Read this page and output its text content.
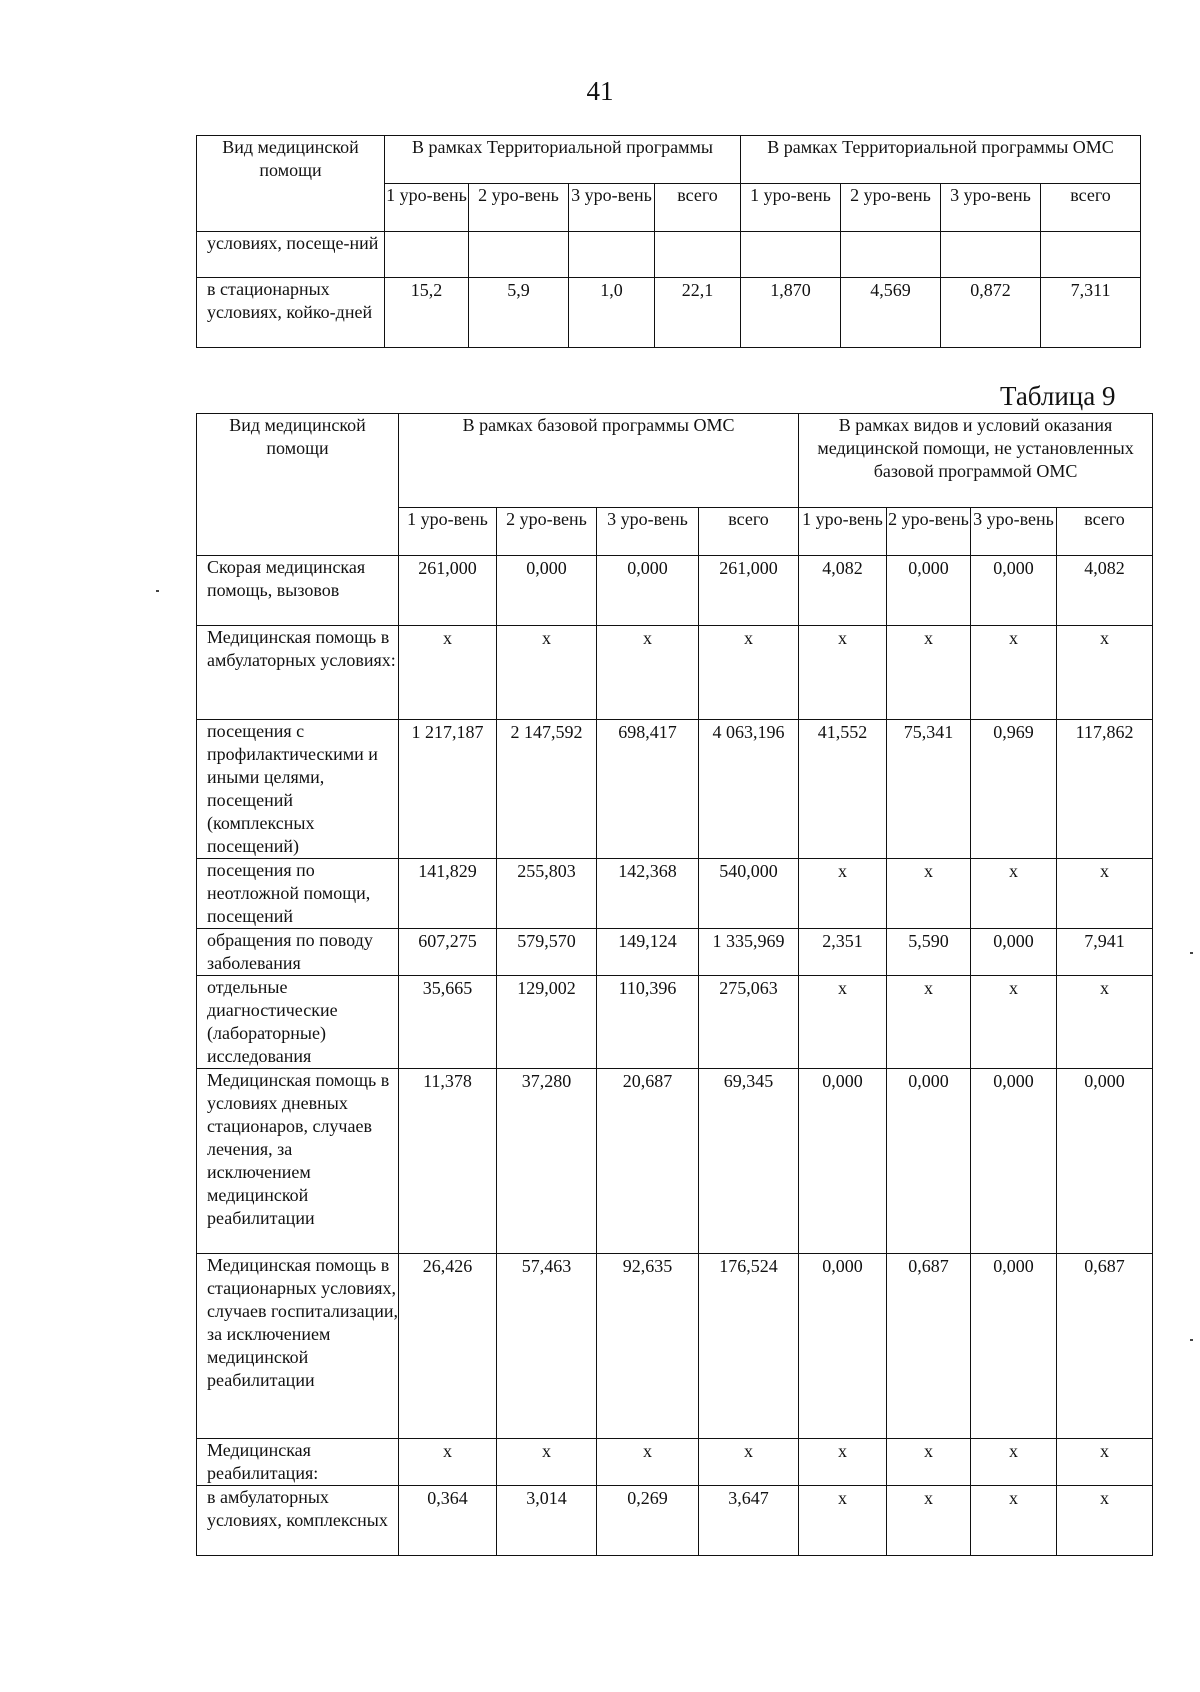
41
Вид медицинской помощи	В рамках Территориальной программы				В рамках Территориальной программы ОМС			
	1 уро-вень	2 уро-вень	3 уро-вень	всего	1 уро-вень	2 уро-вень	3 уро-вень	всего
условиях, посеще-ний								
в стационарных условиях, койко-дней	15,2	5,9	1,0	22,1	1,870	4,569	0,872	7,311
Таблица 9
Вид медицинской помощи	В рамках базовой программы ОМС				В рамках видов и условий оказания медицинской помощи, не установленных базовой программой ОМС			
	1 уро-вень	2 уро-вень	3 уро-вень	всего	1 уро-вень	2 уро-вень	3 уро-вень	всего
Скорая медицинская помощь, вызовов	261,000	0,000	0,000	261,000	4,082	0,000	0,000	4,082
Медицинская помощь в амбулаторных условиях:	х	х	х	х	х	х	х	х
посещения с профилактическими и иными целями, посещений (комплексных посещений)	1 217,187	2 147,592	698,417	4 063,196	41,552	75,341	0,969	117,862
посещения по неотложной помощи, посещений	141,829	255,803	142,368	540,000	х	х	х	х
обращения по поводу заболевания	607,275	579,570	149,124	1 335,969	2,351	5,590	0,000	7,941
отдельные диагностические (лабораторные) исследования	35,665	129,002	110,396	275,063	х	х	х	х
Медицинская помощь в условиях дневных стационаров, случаев лечения, за исключением медицинской реабилитации	11,378	37,280	20,687	69,345	0,000	0,000	0,000	0,000
Медицинская помощь в стационарных условиях, случаев госпитализации, за исключением медицинской реабилитации	26,426	57,463	92,635	176,524	0,000	0,687	0,000	0,687
Медицинская реабилитация:	х	х	х	х	х	х	х	х
в амбулаторных условиях, комплексных	0,364	3,014	0,269	3,647	х	х	х	х
